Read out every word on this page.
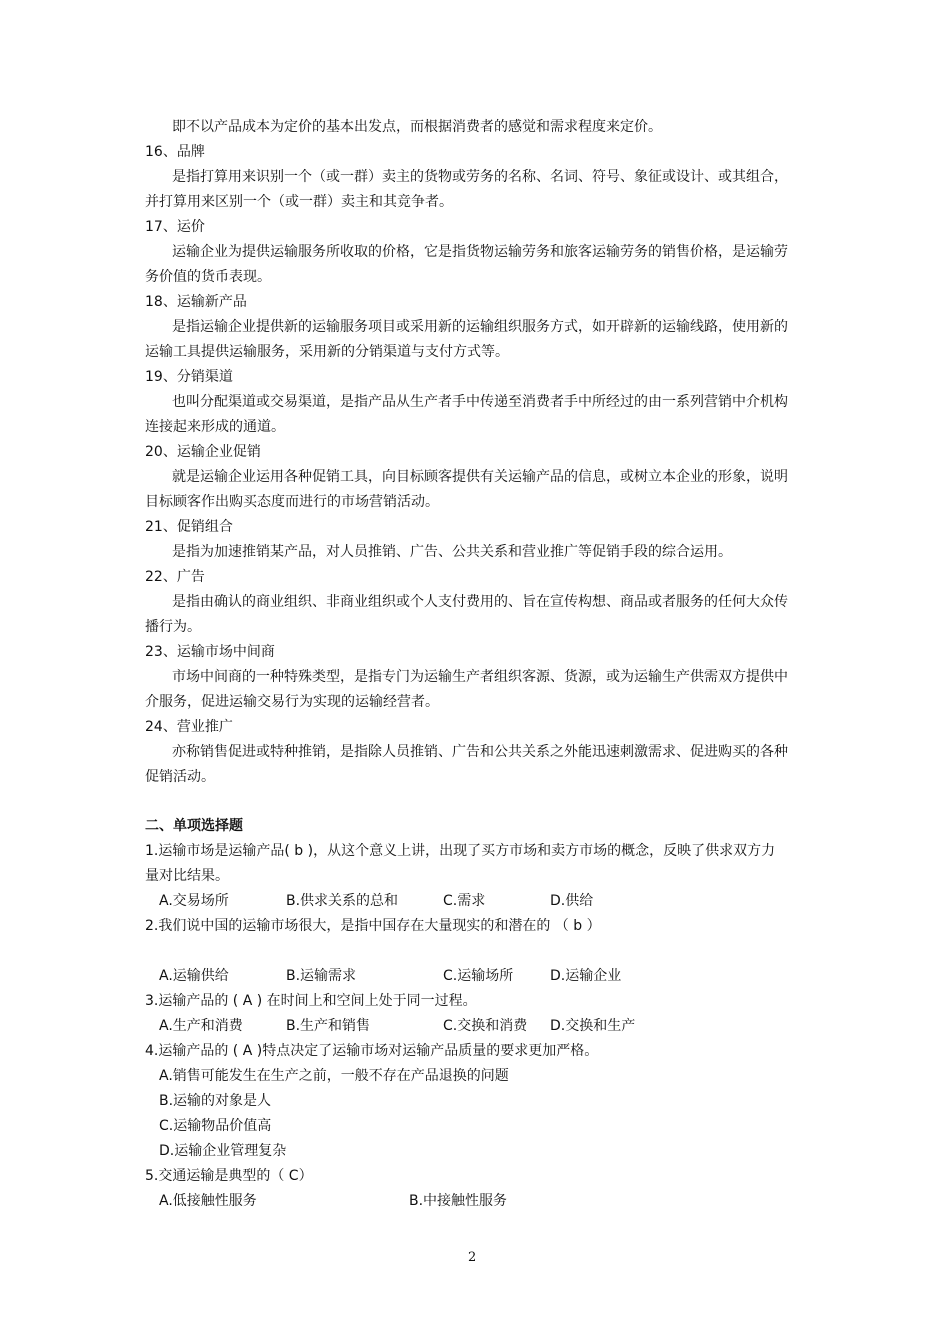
即不以产品成本为定价的基本出发点，而根据消费者的感觉和需求程度来定价。
16、品牌
是指打算用来识别一个（或一群）卖主的货物或劳务的名称、名词、符号、象征或设计、或其组合，
并打算用来区别一个（或一群）卖主和其竞争者。
17、运价
运输企业为提供运输服务所收取的价格，它是指货物运输劳务和旅客运输劳务的销售价格，是运输劳
务价值的货币表现。
18、运输新产品
是指运输企业提供新的运输服务项目或采用新的运输组织服务方式，如开辟新的运输线路，使用新的
运输工具提供运输服务，采用新的分销渠道与支付方式等。
19、分销渠道
也叫分配渠道或交易渠道，是指产品从生产者手中传递至消费者手中所经过的由一系列营销中介机构
连接起来形成的通道。
20、运输企业促销
就是运输企业运用各种促销工具，向目标顾客提供有关运输产品的信息，或树立本企业的形象，说明
目标顾客作出购买态度而进行的市场营销活动。
21、促销组合
是指为加速推销某产品，对人员推销、广告、公共关系和营业推广等促销手段的综合运用。
22、广告
是指由确认的商业组织、非商业组织或个人支付费用的、旨在宣传构想、商品或者服务的任何大众传
播行为。
23、运输市场中间商
市场中间商的一种特殊类型，是指专门为运输生产者组织客源、货源，或为运输生产供需双方提供中
介服务，促进运输交易行为实现的运输经营者。
24、营业推广
亦称销售促进或特种推销，是指除人员推销、广告和公共关系之外能迅速刺激需求、促进购买的各种
促销活动。
二、单项选择题
1.运输市场是运输产品( b )，从这个意义上讲，出现了买方市场和卖方市场的概念，反映了供求双方力
量对比结果。
A.交易场所	B.供求关系的总和	C.需求	D.供给
2.我们说中国的运输市场很大，是指中国存在大量现实的和潜在的 （ b ）
A.运输供给	B.运输需求	C.运输场所	D.运输企业
3.运输产品的 ( A ) 在时间上和空间上处于同一过程。
A.生产和消费	B.生产和销售	C.交换和消费 D.交换和生产
4.运输产品的 ( A )特点决定了运输市场对运输产品质量的要求更加严格。
A.销售可能发生在生产之前，一般不存在产品退换的问题
B.运输的对象是人
C.运输物品价值高
D.运输企业管理复杂
5.交通运输是典型的（ C）
A.低接触性服务	B.中接触性服务
2
